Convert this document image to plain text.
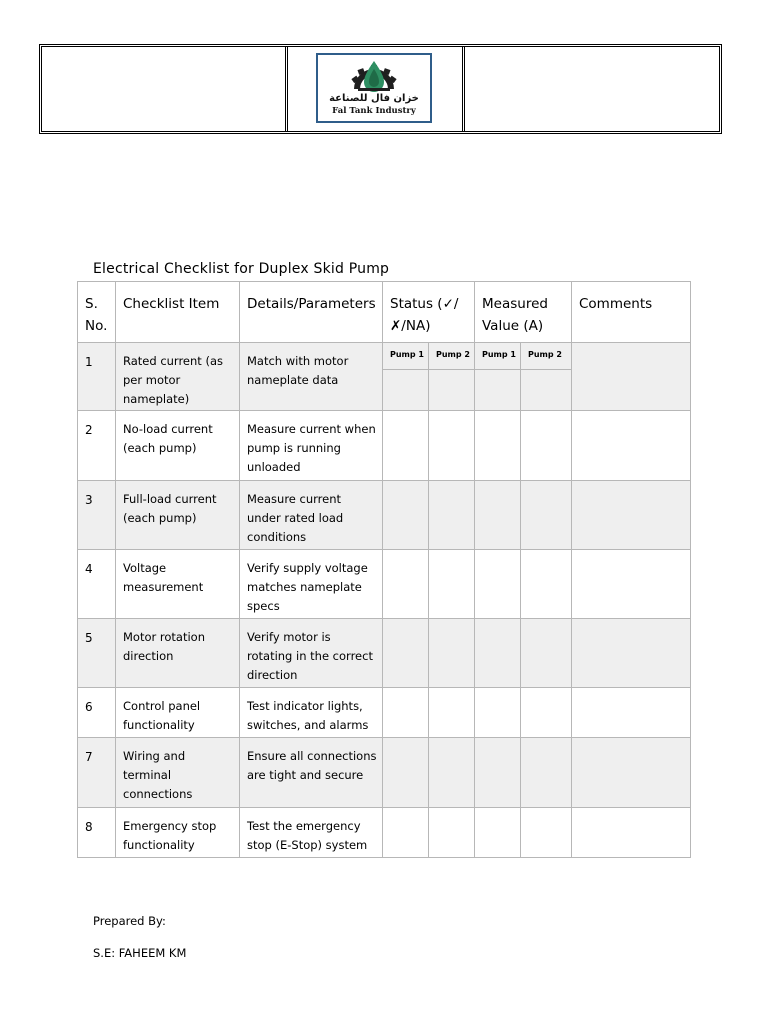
خزان فال للصناعة
Fal Tank Industry
Electrical Checklist for Duplex Skid Pump
S. No.	Checklist Item	Details/Parameters	Status (✓/✗/NA)		Measured Value (A)		Comments
1	Rated current (as per motor nameplate)	Match with motor nameplate data	Pump 1	Pump 2	Pump 1	Pump 2	

2	No-load current (each pump)	Measure current when pump is running unloaded					
3	Full-load current (each pump)	Measure current under rated load conditions					
4	Voltage measurement	Verify supply voltage matches nameplate specs					
5	Motor rotation direction	Verify motor is rotating in the correct direction					
6	Control panel functionality	Test indicator lights, switches, and alarms					
7	Wiring and terminal connections	Ensure all connections are tight and secure					
8	Emergency stop functionality	Test the emergency stop (E-Stop) system					
Prepared By:
S.E: FAHEEM KM
